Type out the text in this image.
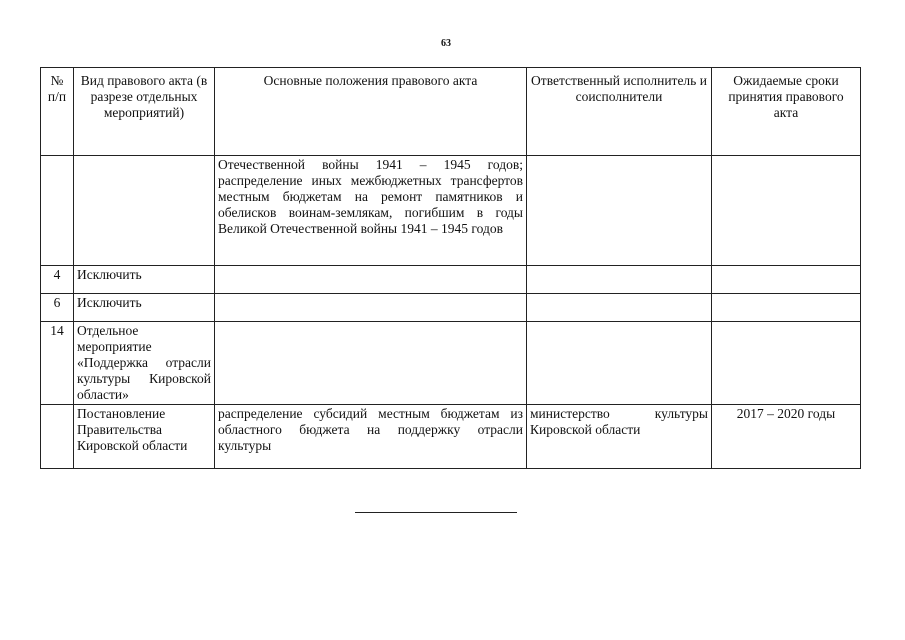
63
№ п/п	Вид правового акта (в разрезе отдельных мероприятий)	Основные положения правового акта	Ответственный исполнитель и соисполнители	Ожидаемые сроки принятия правового акта
		Отечественной войны 1941 – 1945 годов; распределение иных межбюджетных трансфертов местным бюджетам на ремонт памятников и обелисков воинам-землякам, погибшим в годы Великой Отечественной войны 1941 – 1945 годов		
4	Исключить			
6	Исключить			
14	Отдельное мероприятие «Поддержка отрасли культуры Кировской области»			
	Постановление Правительства Кировской области	распределение субсидий местным бюджетам из областного бюджета на поддержку отрасли культуры	министерство культуры Кировской области	2017 – 2020 годы
